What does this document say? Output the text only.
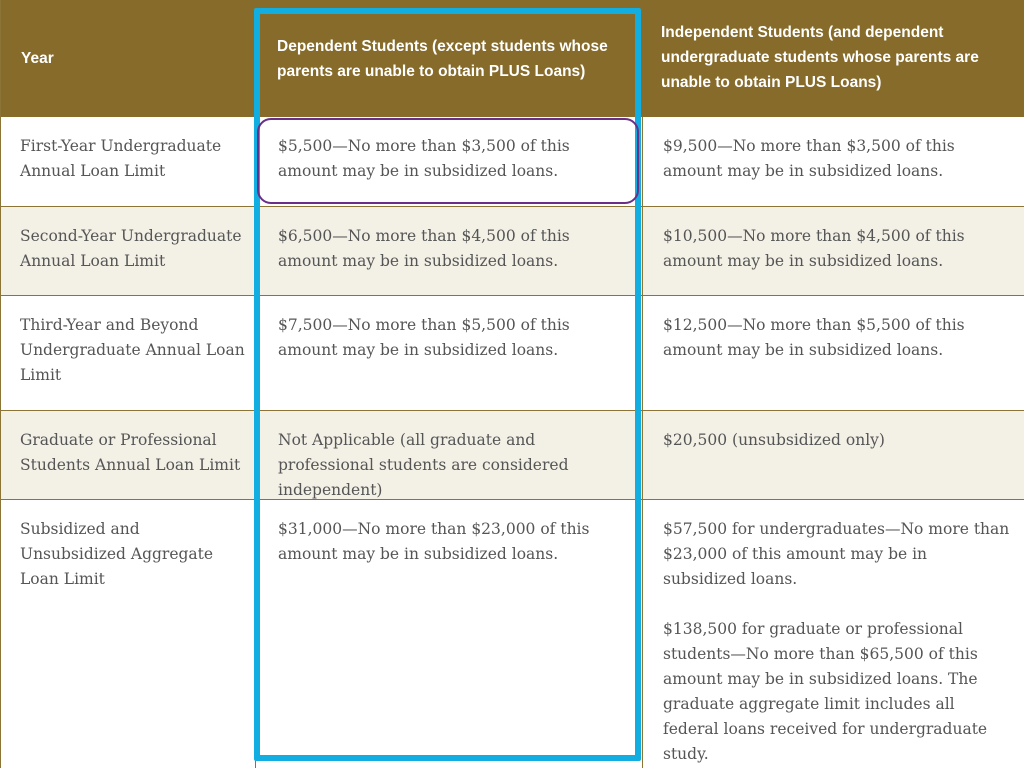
Year
Dependent Students (except students whose parents are unable to obtain PLUS Loans)
Independent Students (and dependent undergraduate students whose parents are unable to obtain PLUS Loans)

First-Year Undergraduate Annual Loan Limit

$5,500—No more than $3,500 of this amount may be in subsidized loans.

$9,500—No more than $3,500 of this amount may be in subsidized loans.

Second-Year Undergraduate Annual Loan Limit

$6,500—No more than $4,500 of this amount may be in subsidized loans.

$10,500—No more than $4,500 of this amount may be in subsidized loans.

Third-Year and Beyond Undergraduate Annual Loan Limit

$7,500—No more than $5,500 of this amount may be in subsidized loans.

$12,500—No more than $5,500 of this amount may be in subsidized loans.

Graduate or Professional Students Annual Loan Limit

Not Applicable (all graduate and professional students are considered independent)

$20,500 (unsubsidized only)

Subsidized and Unsubsidized Aggregate Loan Limit

$31,000—No more than $23,000 of this amount may be in subsidized loans.

$57,500 for undergraduates—No more than $23,000 of this amount may be in subsidized loans.

$138,500 for graduate or professional students—No more than $65,500 of this amount may be in subsidized loans. The graduate aggregate limit includes all federal loans received for undergraduate study.
